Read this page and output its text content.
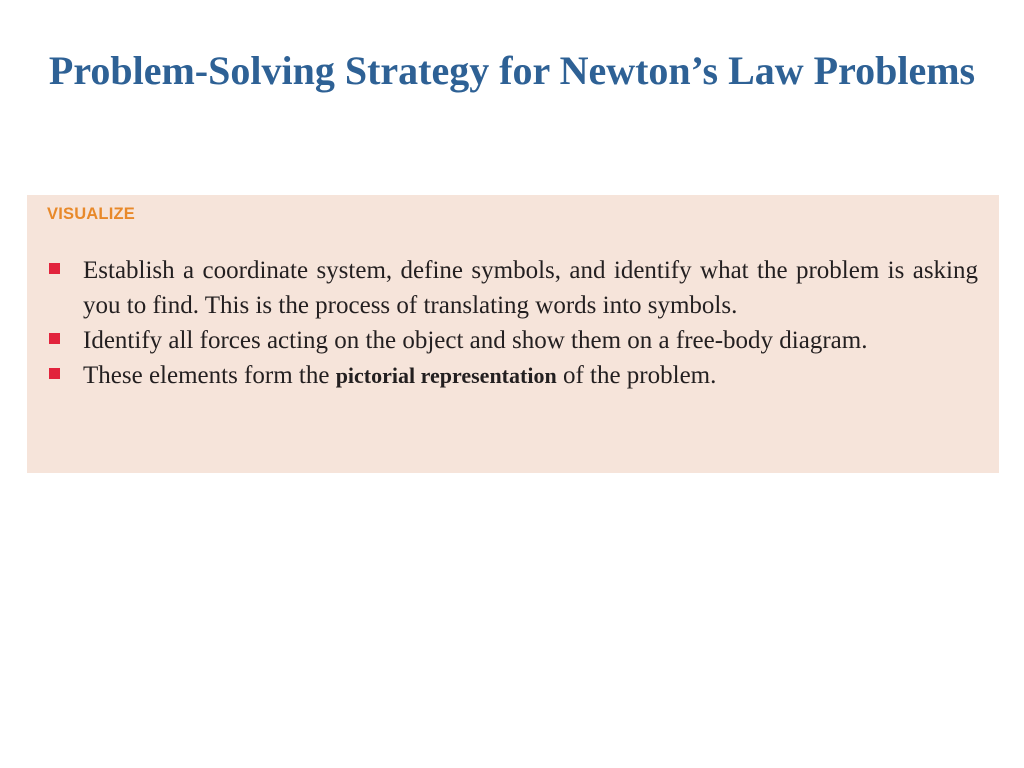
Problem-Solving Strategy for Newton’s Law Problems
VISUALIZE
Establish a coordinate system, define symbols, and identify what the problem is asking you to find. This is the process of translating words into symbols.
Identify all forces acting on the object and show them on a free-body diagram.
These elements form the pictorial representation of the problem.
